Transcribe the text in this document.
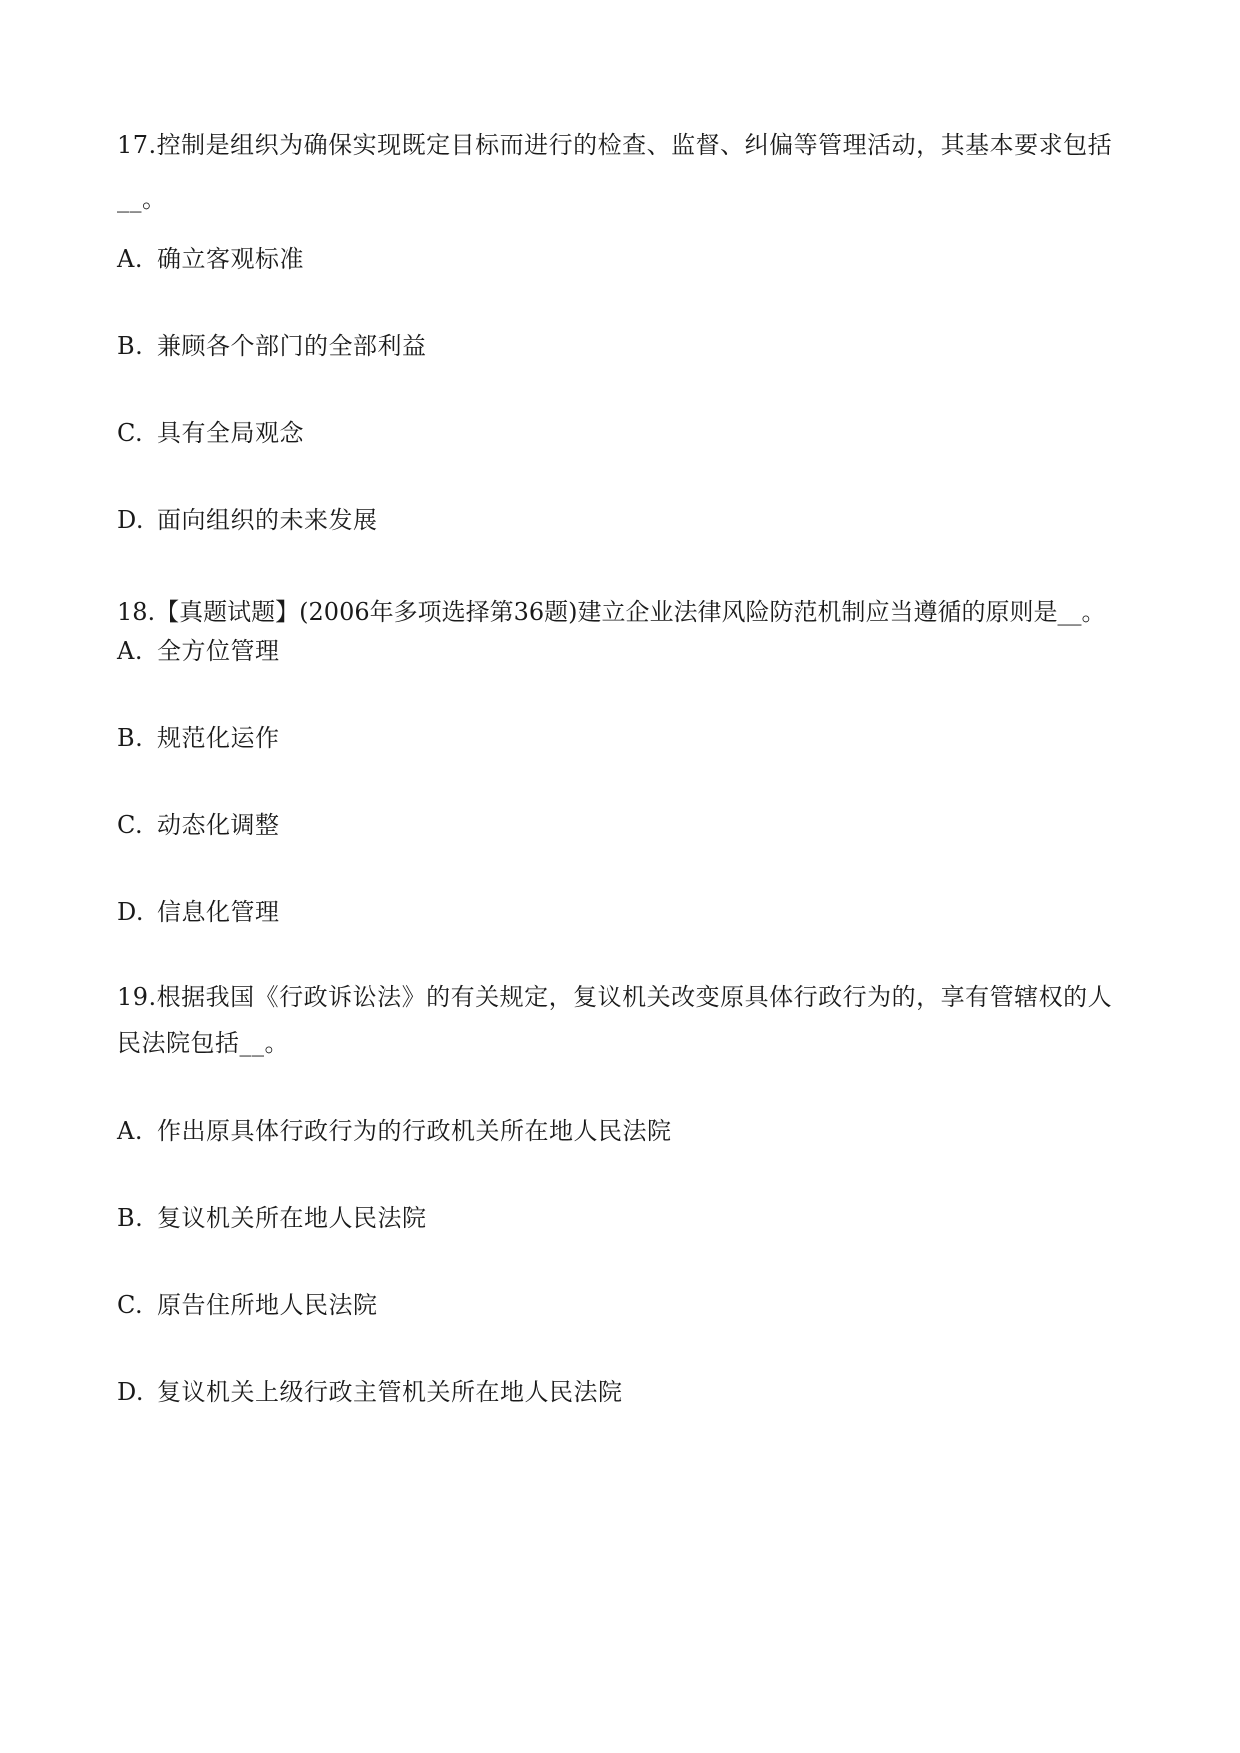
17.控制是组织为确保实现既定目标而进行的检查、监督、纠偏等管理活动，其基本要求包括__。
A. 确立客观标准
B. 兼顾各个部门的全部利益
C. 具有全局观念
D. 面向组织的未来发展
18.【真题试题】(2006年多项选择第36题)建立企业法律风险防范机制应当遵循的原则是__。
A. 全方位管理
B. 规范化运作
C. 动态化调整
D. 信息化管理
19.根据我国《行政诉讼法》的有关规定，复议机关改变原具体行政行为的，享有管辖权的人民法院包括__。
A. 作出原具体行政行为的行政机关所在地人民法院
B. 复议机关所在地人民法院
C. 原告住所地人民法院
D. 复议机关上级行政主管机关所在地人民法院
